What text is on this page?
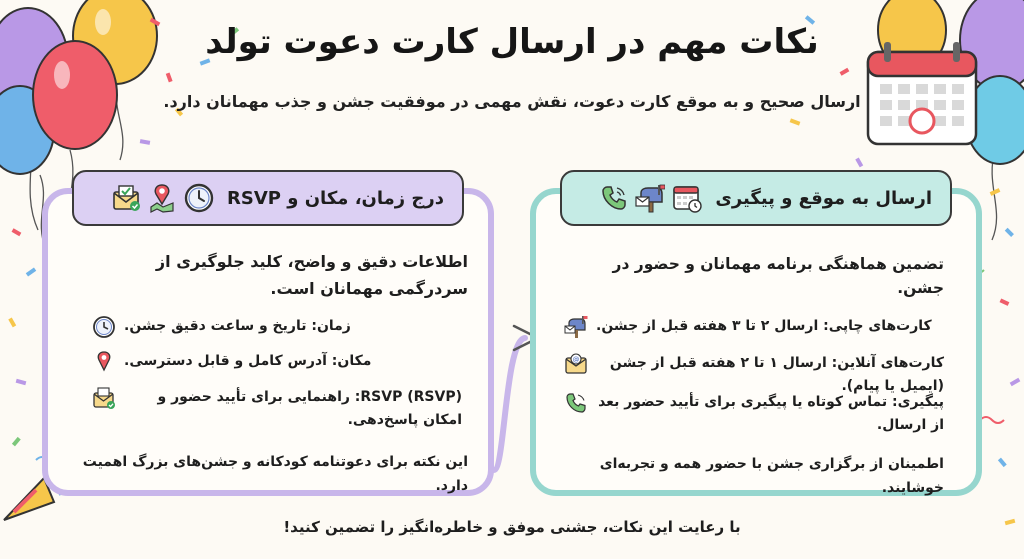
نکات مهم در ارسال کارت دعوت تولد
ارسال صحیح و به موقع کارت دعوت، نقش مهمی در موفقیت جشن و جذب مهمانان دارد.
درج زمان، مکان و RSVP
اطلاعات دقیق و واضح، کلید جلوگیری از سردرگمی مهمانان است.
زمان: تاریخ و ساعت دقیق جشن.
مکان: آدرس کامل و قابل دسترسی.
RSVP (RSVP): راهنمایی برای تأیید حضور و امکان پاسخ‌دهی.
این نکته برای دعوتنامه کودکانه و جشن‌های بزرگ اهمیت دارد.
ارسال به موقع و پیگیری
تضمین هماهنگی برنامه مهمانان و حضور در جشن.
کارت‌های چاپی: ارسال ۲ تا ۳ هفته قبل از جشن.
@	کارت‌های آنلاین: ارسال ۱ تا ۲ هفته قبل از جشن (ایمیل یا پیام).
پیگیری: تماس کوتاه یا پیگیری برای تأیید حضور بعد از ارسال.
اطمینان از برگزاری جشن با حضور همه و تجربه‌ای خوشایند.
با رعایت این نکات، جشنی موفق و خاطره‌انگیز را تضمین کنید!
